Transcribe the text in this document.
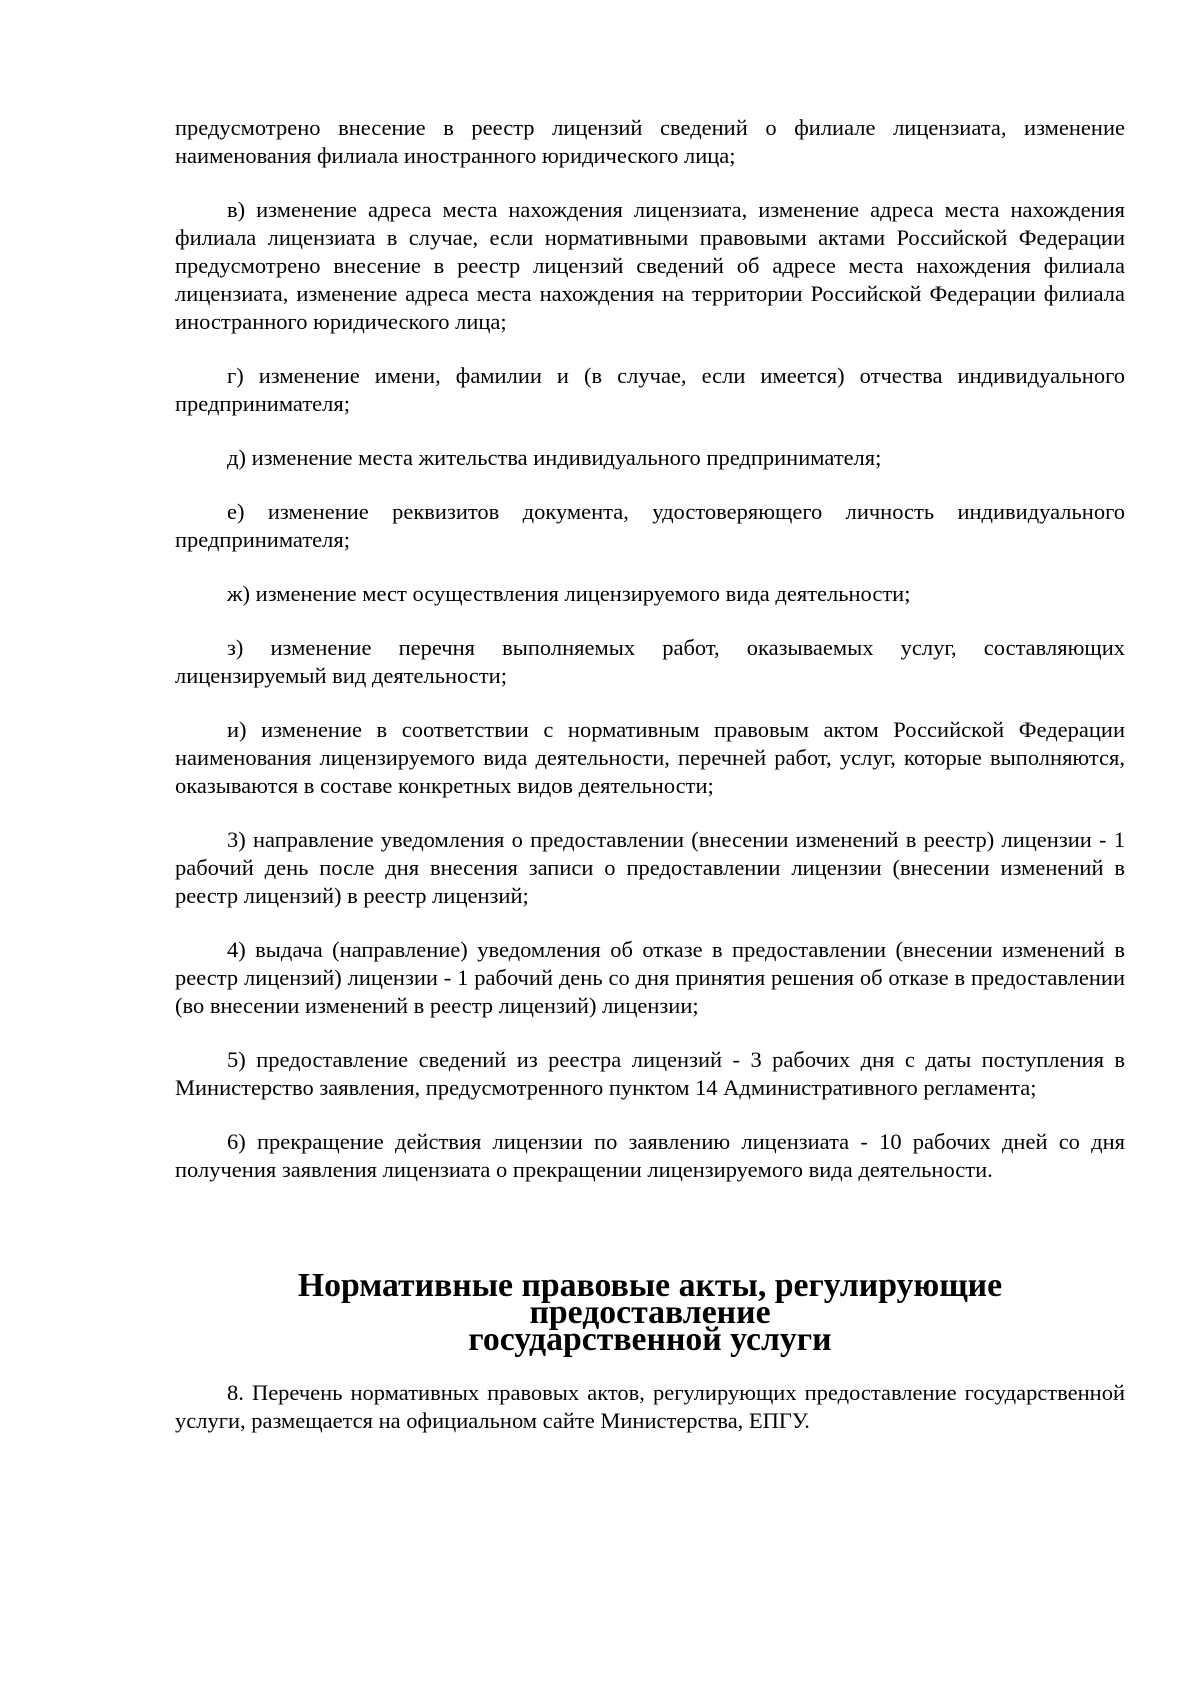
предусмотрено внесение в реестр лицензий сведений о филиале лицензиата, изменение наименования филиала иностранного юридического лица;

в) изменение адреса места нахождения лицензиата, изменение адреса места нахождения филиала лицензиата в случае, если нормативными правовыми актами Российской Федерации предусмотрено внесение в реестр лицензий сведений об адресе места нахождения филиала лицензиата, изменение адреса места нахождения на территории Российской Федерации филиала иностранного юридического лица;

г) изменение имени, фамилии и (в случае, если имеется) отчества индивидуального предпринимателя;

д) изменение места жительства индивидуального предпринимателя;

е) изменение реквизитов документа, удостоверяющего личность индивидуального предпринимателя;

ж) изменение мест осуществления лицензируемого вида деятельности;

з) изменение перечня выполняемых работ, оказываемых услуг, составляющих лицензируемый вид деятельности;

и) изменение в соответствии с нормативным правовым актом Российской Федерации наименования лицензируемого вида деятельности, перечней работ, услуг, которые выполняются, оказываются в составе конкретных видов деятельности;

3) направление уведомления о предоставлении (внесении изменений в реестр) лицензии - 1 рабочий день после дня внесения записи о предоставлении лицензии (внесении изменений в реестр лицензий) в реестр лицензий;

4) выдача (направление) уведомления об отказе в предоставлении (внесении изменений в реестр лицензий) лицензии - 1 рабочий день со дня принятия решения об отказе в предоставлении (во внесении изменений в реестр лицензий) лицензии;

5) предоставление сведений из реестра лицензий - 3 рабочих дня с даты поступления в Министерство заявления, предусмотренного пунктом 14 Административного регламента;

6) прекращение действия лицензии по заявлению лицензиата - 10 рабочих дней со дня получения заявления лицензиата о прекращении лицензируемого вида деятельности.

Нормативные правовые акты, регулирующие предоставление
государственной услуги

8. Перечень нормативных правовых актов, регулирующих предоставление государственной услуги, размещается на официальном сайте Министерства, ЕПГУ.
